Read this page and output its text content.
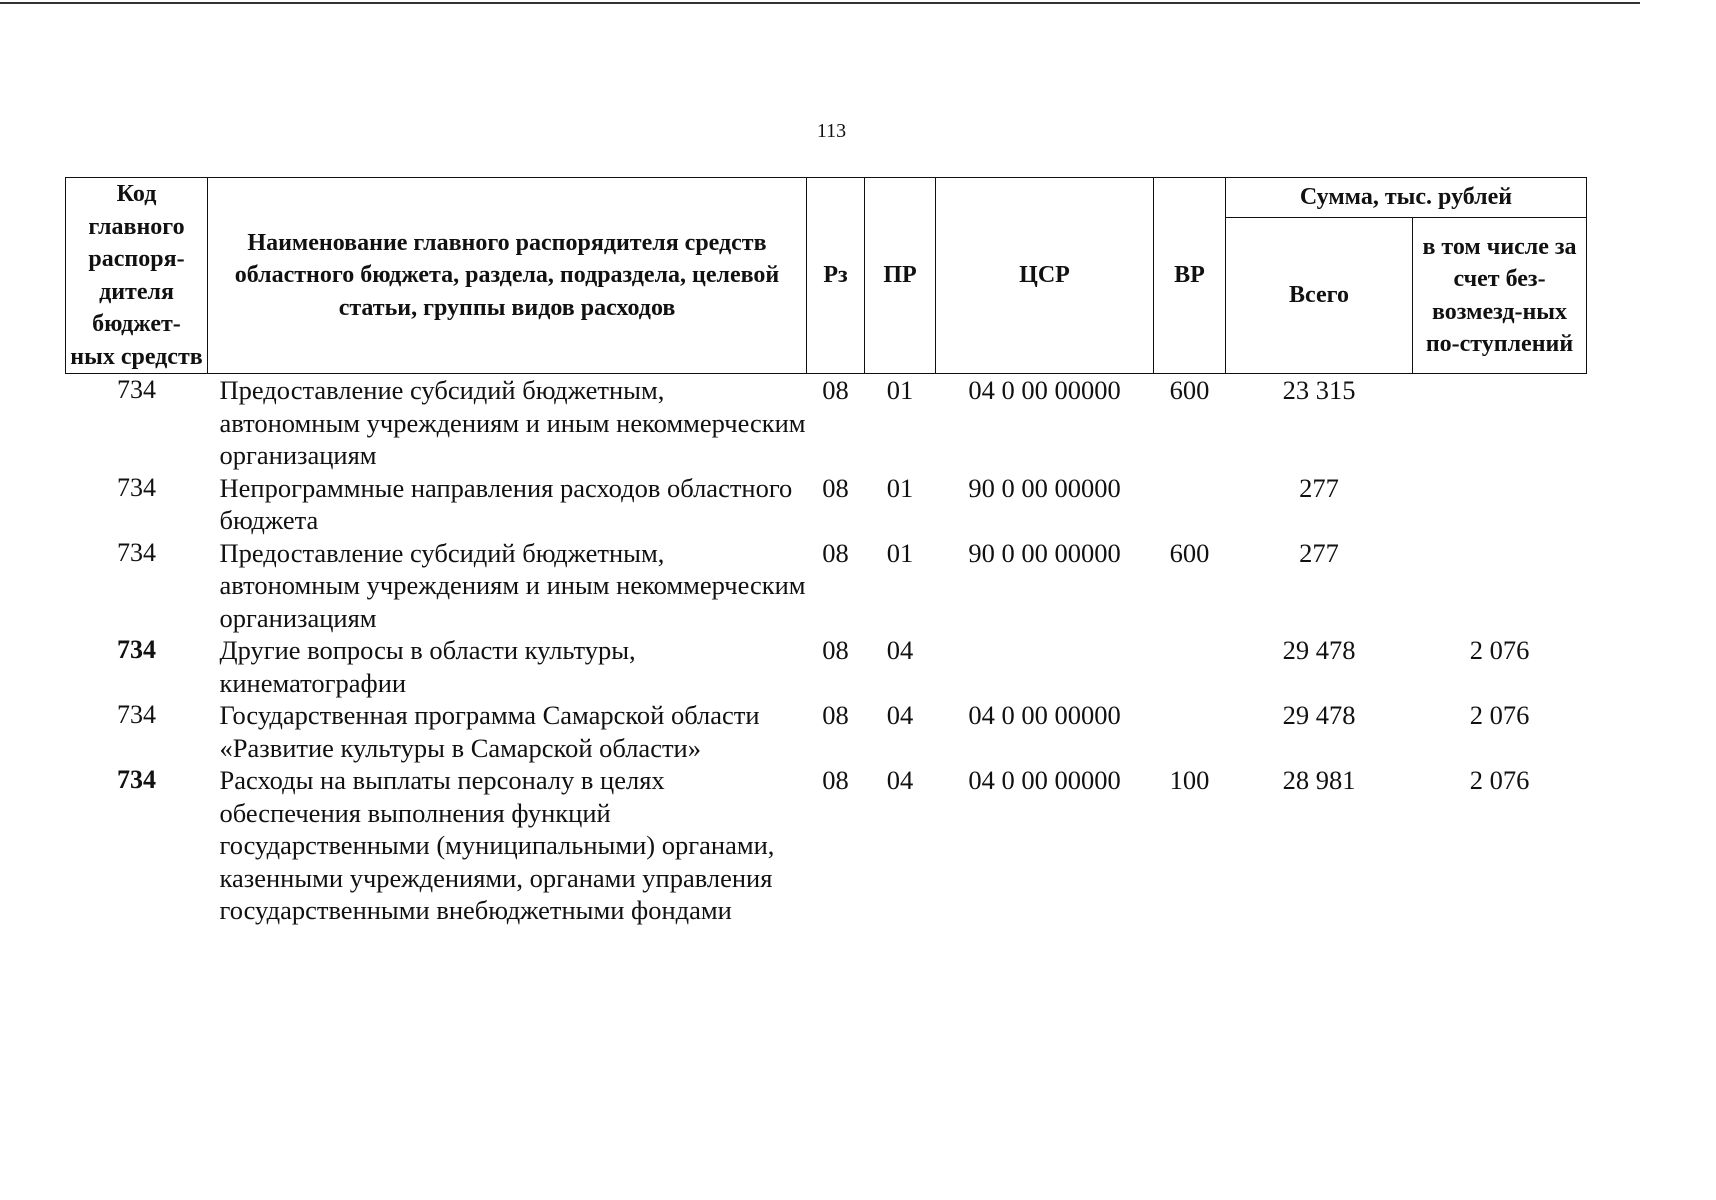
113
Код главного распоря-дителя бюджет-ных средств	Наименование главного распорядителя средств областного бюджета, раздела, подраздела, целевой статьи, группы видов расходов	Рз	ПР	ЦСР	ВР	Сумма, тыс. рублей	
						Всего	в том числе за счет без-возмезд-ных по-ступлений
734	Предоставление субсидий бюджетным, автономным учреждениям и иным некоммерческим организациям	08	01	04 0 00 00000	600	23 315	
734	Непрограммные направления расходов областного бюджета	08	01	90 0 00 00000		277	
734	Предоставление субсидий бюджетным, автономным учреждениям и иным некоммерческим организациям	08	01	90 0 00 00000	600	277	
734	Другие вопросы в области культуры, кинематографии	08	04			29 478	2 076
734	Государственная программа Самарской области «Развитие культуры в Самарской области»	08	04	04 0 00 00000		29 478	2 076
734	Расходы на выплаты персоналу в целях обеспечения выполнения функций государственными (муниципальными) органами, казенными учреждениями, органами управления государственными внебюджетными фондами	08	04	04 0 00 00000	100	28 981	2 076
